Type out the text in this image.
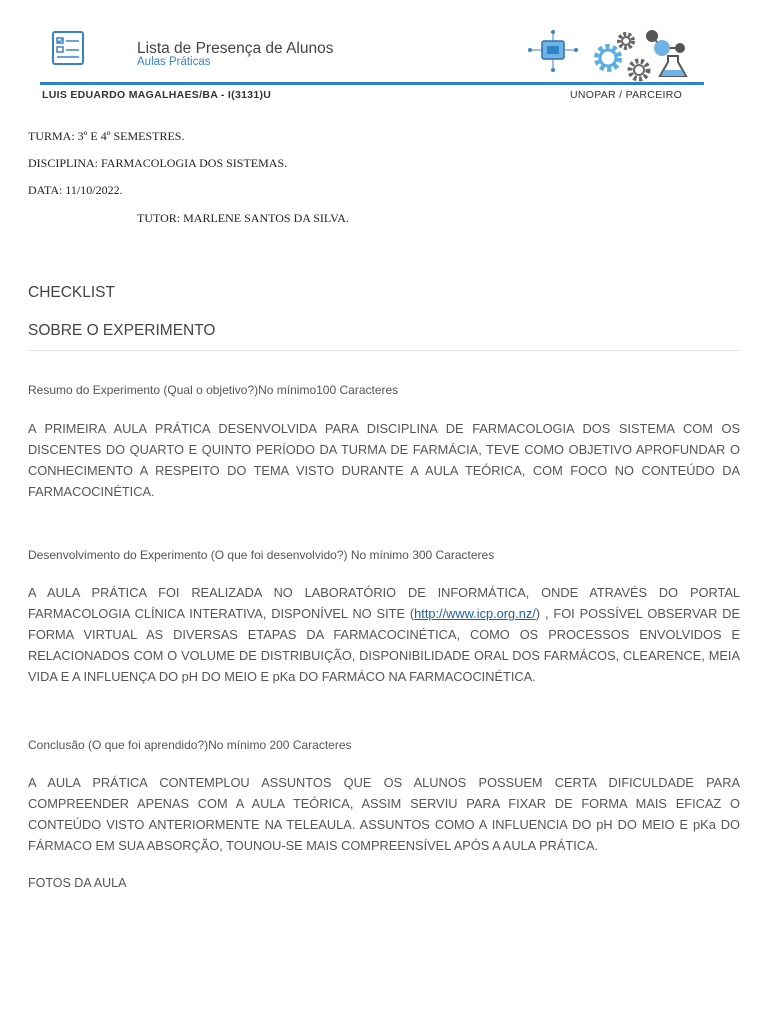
Lista de Presença de Alunos
Aulas Práticas
LUIS EDUARDO MAGALHAES/BA - I(3131)U	UNOPAR / PARCEIRO
TURMA: 3º E 4º SEMESTRES.
DISCIPLINA: FARMACOLOGIA DOS SISTEMAS.
DATA: 11/10/2022.
TUTOR: MARLENE SANTOS DA SILVA.
CHECKLIST
SOBRE O EXPERIMENTO
Resumo do Experimento (Qual o objetivo?)No mínimo100 Caracteres

A PRIMEIRA AULA PRÁTICA DESENVOLVIDA PARA DISCIPLINA DE FARMACOLOGIA DOS SISTEMA COM OS DISCENTES DO QUARTO E QUINTO PERÍODO DA TURMA DE FARMÁCIA, TEVE COMO OBJETIVO APROFUNDAR O CONHECIMENTO A RESPEITO DO TEMA VISTO DURANTE A AULA TEÓRICA, COM FOCO NO CONTEÚDO DA FARMACOCINÉTICA.

Desenvolvimento do Experimento (O que foi desenvolvido?) No mínimo 300 Caracteres

A AULA PRÁTICA FOI REALIZADA NO LABORATÓRIO DE INFORMÁTICA, ONDE ATRAVÉS DO PORTAL FARMACOLOGIA CLÍNICA INTERATIVA, DISPONÍVEL NO SITE (http://www.icp.org.nz/) , FOI POSSÍVEL OBSERVAR DE FORMA VIRTUAL AS DIVERSAS ETAPAS DA FARMACOCINÉTICA, COMO OS PROCESSOS ENVOLVIDOS E RELACIONADOS COM O VOLUME DE DISTRIBUIÇÃO, DISPONIBILIDADE ORAL DOS FARMÁCOS, CLEARENCE, MEIA VIDA E A INFLUENÇA DO pH DO MEIO E pKa DO FARMÁCO NA FARMACOCINÉTICA.

Conclusão (O que foi aprendido?)No mínimo 200 Caracteres

A AULA PRÁTICA CONTEMPLOU ASSUNTOS QUE OS ALUNOS POSSUEM CERTA DIFICULDADE PARA COMPREENDER APENAS COM A AULA TEÓRICA, ASSIM SERVIU PARA FIXAR DE FORMA MAIS EFICAZ O CONTEÚDO VISTO ANTERIORMENTE NA TELEAULA. ASSUNTOS COMO A INFLUENCIA DO pH DO MEIO E pKa DO FÁRMACO EM SUA ABSORÇÃO, TOUNOU-SE MAIS COMPREENSÍVEL APÓS A AULA PRÁTICA.

FOTOS DA AULA
